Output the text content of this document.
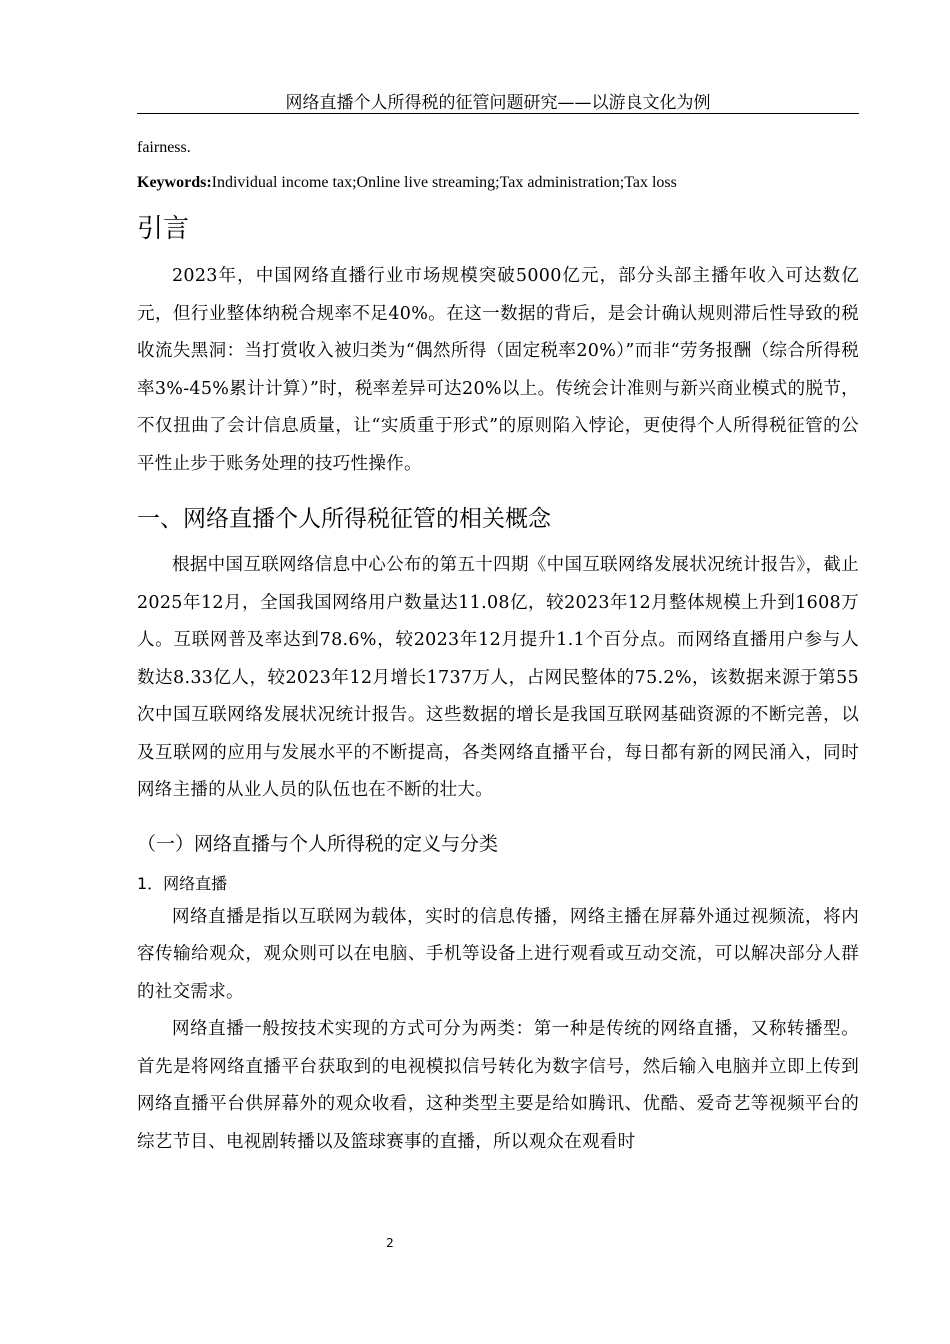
网络直播个人所得税的征管问题研究——以游良文化为例

fairness.

Keywords:Individual income tax;Online live streaming;Tax administration;Tax loss

引言

2023年，中国网络直播行业市场规模突破5000亿元，部分头部主播年收入可达数亿元，但行业整体纳税合规率不足40%。在这一数据的背后，是会计确认规则滞后性导致的税收流失黑洞：当打赏收入被归类为“偶然所得（固定税率20%）”而非“劳务报酬（综合所得税率3%-45%累计计算）”时，税率差异可达20%以上。传统会计准则与新兴商业模式的脱节，不仅扭曲了会计信息质量，让“实质重于形式”的原则陷入悖论，更使得个人所得税征管的公平性止步于账务处理的技巧性操作。

一、网络直播个人所得税征管的相关概念

根据中国互联网络信息中心公布的第五十四期《中国互联网络发展状况统计报告》，截止2025年12月，全国我国网络用户数量达11.08亿，较2023年12月整体规模上升到1608万人。互联网普及率达到78.6%，较2023年12月提升1.1个百分点。而网络直播用户参与人数达8.33亿人，较2023年12月增长1737万人，占网民整体的75.2%，该数据来源于第55次中国互联网络发展状况统计报告。这些数据的增长是我国互联网基础资源的不断完善，以及互联网的应用与发展水平的不断提高，各类网络直播平台，每日都有新的网民涌入，同时网络主播的从业人员的队伍也在不断的壮大。

（一）网络直播与个人所得税的定义与分类
1．网络直播

网络直播是指以互联网为载体，实时的信息传播，网络主播在屏幕外通过视频流，将内容传输给观众，观众则可以在电脑、手机等设备上进行观看或互动交流，可以解决部分人群的社交需求。

网络直播一般按技术实现的方式可分为两类：第一种是传统的网络直播，又称转播型。首先是将网络直播平台获取到的电视模拟信号转化为数字信号，然后输入电脑并立即上传到网络直播平台供屏幕外的观众收看，这种类型主要是给如腾讯、优酷、爱奇艺等视频平台的综艺节目、电视剧转播以及篮球赛事的直播，所以观众在观看时

2
